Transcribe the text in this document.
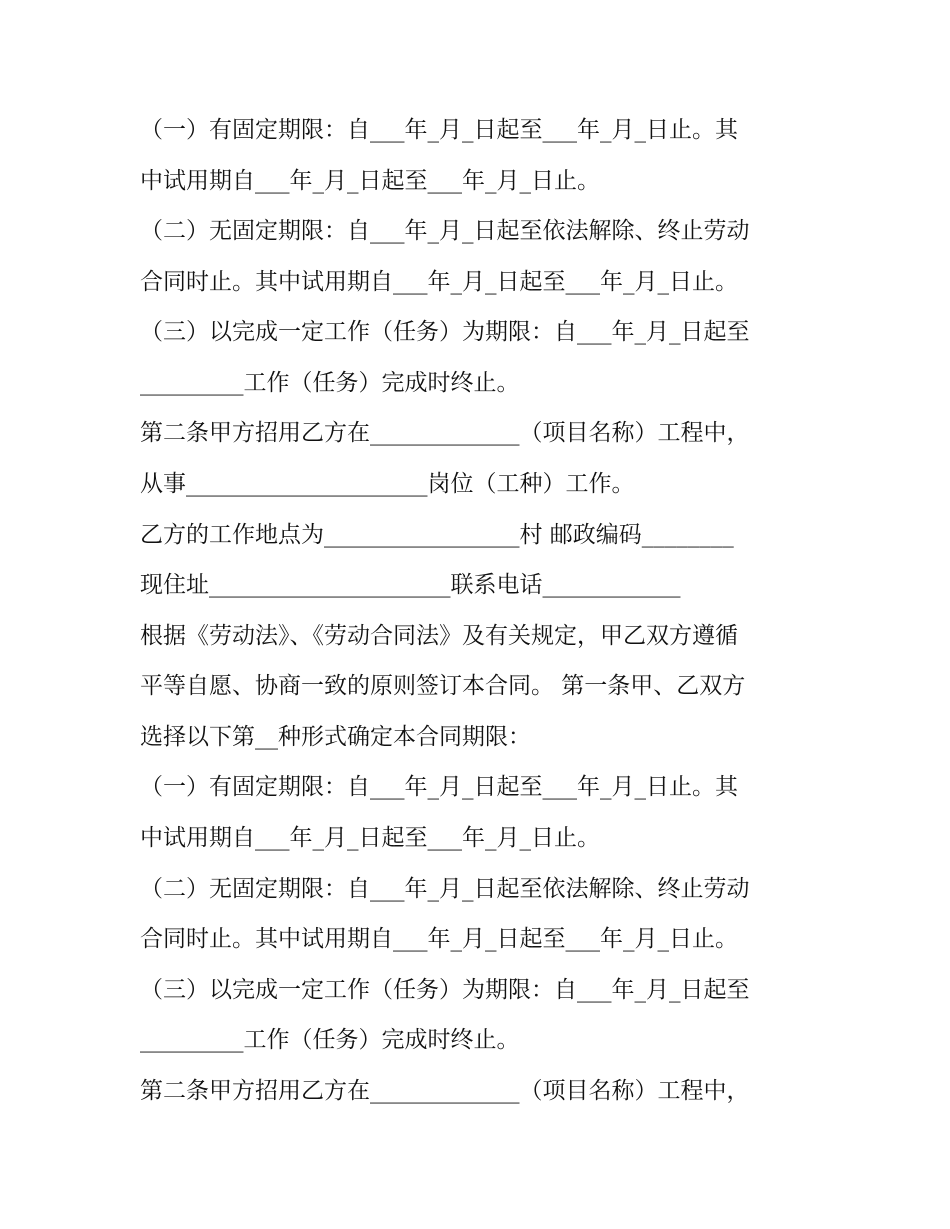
（一）有固定期限：自___年_月_日起至___年_月_日止。其
中试用期自___年_月_日起至___年_月_日止。
（二）无固定期限：自___年_月_日起至依法解除、终止劳动
合同时止。其中试用期自___年_月_日起至___年_月_日止。
（三）以完成一定工作（任务）为期限：自___年_月_日起至
_________工作（任务）完成时终止。
第二条甲方招用乙方在_____________（项目名称）工程中，
从事_____________________岗位（工种）工作。
乙方的工作地点为_________________村 邮政编码________
现住址_____________________联系电话____________
根据《劳动法》、《劳动合同法》及有关规定，甲乙双方遵循
平等自愿、协商一致的原则签订本合同。 第一条甲、乙双方
选择以下第__种形式确定本合同期限：
（一）有固定期限：自___年_月_日起至___年_月_日止。其
中试用期自___年_月_日起至___年_月_日止。
（二）无固定期限：自___年_月_日起至依法解除、终止劳动
合同时止。其中试用期自___年_月_日起至___年_月_日止。
（三）以完成一定工作（任务）为期限：自___年_月_日起至
_________工作（任务）完成时终止。
第二条甲方招用乙方在_____________（项目名称）工程中，
